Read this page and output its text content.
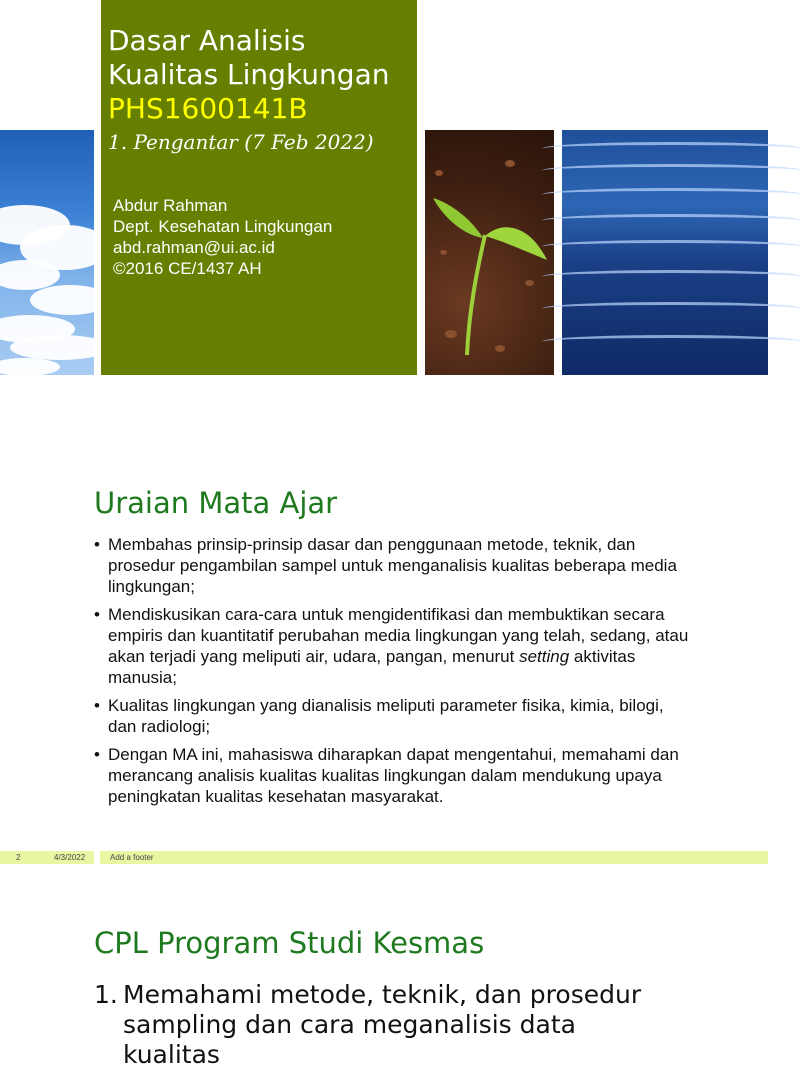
Dasar Analisis
Kualitas Lingkungan
PHS1600141B
1. Pengantar (7 Feb 2022)
Abdur Rahman
Dept. Kesehatan Lingkungan
abd.rahman@ui.ac.id
©2016 CE/1437 AH
Uraian Mata Ajar
• Membahas prinsip-prinsip dasar dan penggunaan metode, teknik, dan prosedur pengambilan sampel untuk menganalisis kualitas beberapa media lingkungan;
• Mendiskusikan cara-cara untuk mengidentifikasi dan membuktikan secara empiris dan kuantitatif perubahan media lingkungan yang telah, sedang, atau akan terjadi yang meliputi air, udara, pangan, menurut setting aktivitas manusia;
• Kualitas lingkungan yang dianalisis meliputi parameter fisika, kimia, bilogi, dan radiologi;
• Dengan MA ini, mahasiswa diharapkan dapat mengentahui, memahami dan merancang analisis kualitas kualitas lingkungan dalam mendukung upaya peningkatan kualitas kesehatan masyarakat.
2	4/3/2022	Add a footer
CPL Program Studi Kesmas
1. Memahami metode, teknik, dan prosedur sampling dan cara meganalisis data kualitas
